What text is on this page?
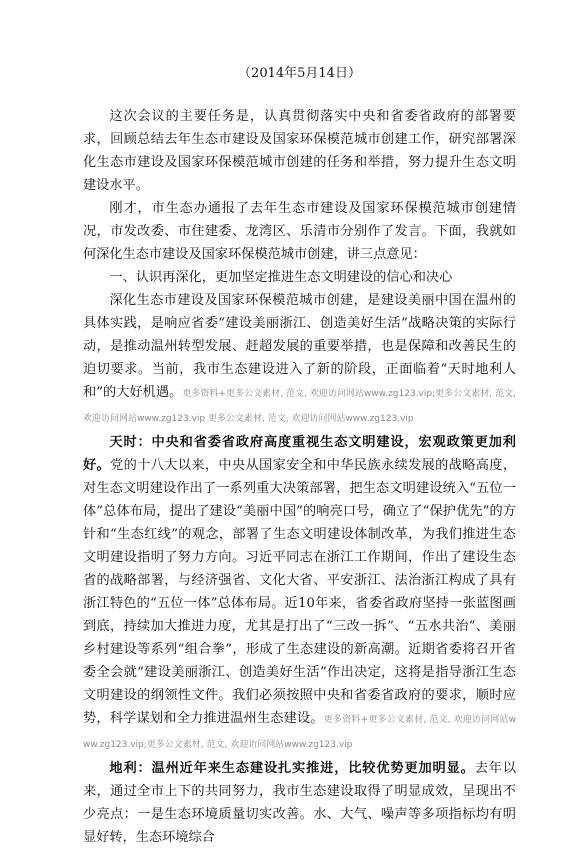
（2014年5月14日）

这次会议的主要任务是，认真贯彻落实中央和省委省政府的部署要求，回顾总结去年生态市建设及国家环保模范城市创建工作，研究部署深化生态市建设及国家环保模范城市创建的任务和举措，努力提升生态文明建设水平。

刚才，市生态办通报了去年生态市建设及国家环保模范城市创建情况，市发改委、市住建委、龙湾区、乐清市分别作了发言。下面，我就如何深化生态市建设及国家环保模范城市创建，讲三点意见：

一、认识再深化，更加坚定推进生态文明建设的信心和决心

深化生态市建设及国家环保模范城市创建，是建设美丽中国在温州的具体实践，是响应省委“建设美丽浙江、创造美好生活”战略决策的实际行动，是推动温州转型发展、赶超发展的重要举措，也是保障和改善民生的迫切要求。当前，我市生态建设进入了新的阶段，正面临着“天时地利人和”的大好机遇。更多资料+更多公文素材, 范文, 欢迎访问网站www.zg123.vip;更多公文素材, 范文, 欢迎访问网站www.zg123.vip 更多公文素材, 范文, 欢迎访问网站www.zg123.vip

天时：中央和省委省政府高度重视生态文明建设，宏观政策更加利好。党的十八大以来，中央从国家安全和中华民族永续发展的战略高度，对生态文明建设作出了一系列重大决策部署，把生态文明建设统入“五位一体”总体布局，提出了建设“美丽中国”的响亮口号，确立了“保护优先”的方针和“生态红线”的观念，部署了生态文明建设体制改革，为我们推进生态文明建设指明了努力方向。习近平同志在浙江工作期间，作出了建设生态省的战略部署，与经济强省、文化大省、平安浙江、法治浙江构成了具有浙江特色的“五位一体”总体布局。近10年来，省委省政府坚持一张蓝图画到底，持续加大推进力度，尤其是打出了“三改一拆”、“五水共治”、美丽乡村建设等系列“组合拳”，形成了生态建设的新高潮。近期省委将召开省委全会就“建设美丽浙江、创造美好生活”作出决定，这将是指导浙江生态文明建设的纲领性文件。我们必须按照中央和省委省政府的要求，顺时应势，科学谋划和全力推进温州生态建设。更多资料+更多公文素材, 范文, 欢迎访问网站www.zg123.vip;更多公文素材, 范文, 欢迎访问网站www.zg123.vip

地利：温州近年来生态建设扎实推进，比较优势更加明显。去年以来，通过全市上下的共同努力，我市生态建设取得了明显成效，呈现出不少亮点：一是生态环境质量切实改善。水、大气、噪声等多项指标均有明显好转，生态环境综合
